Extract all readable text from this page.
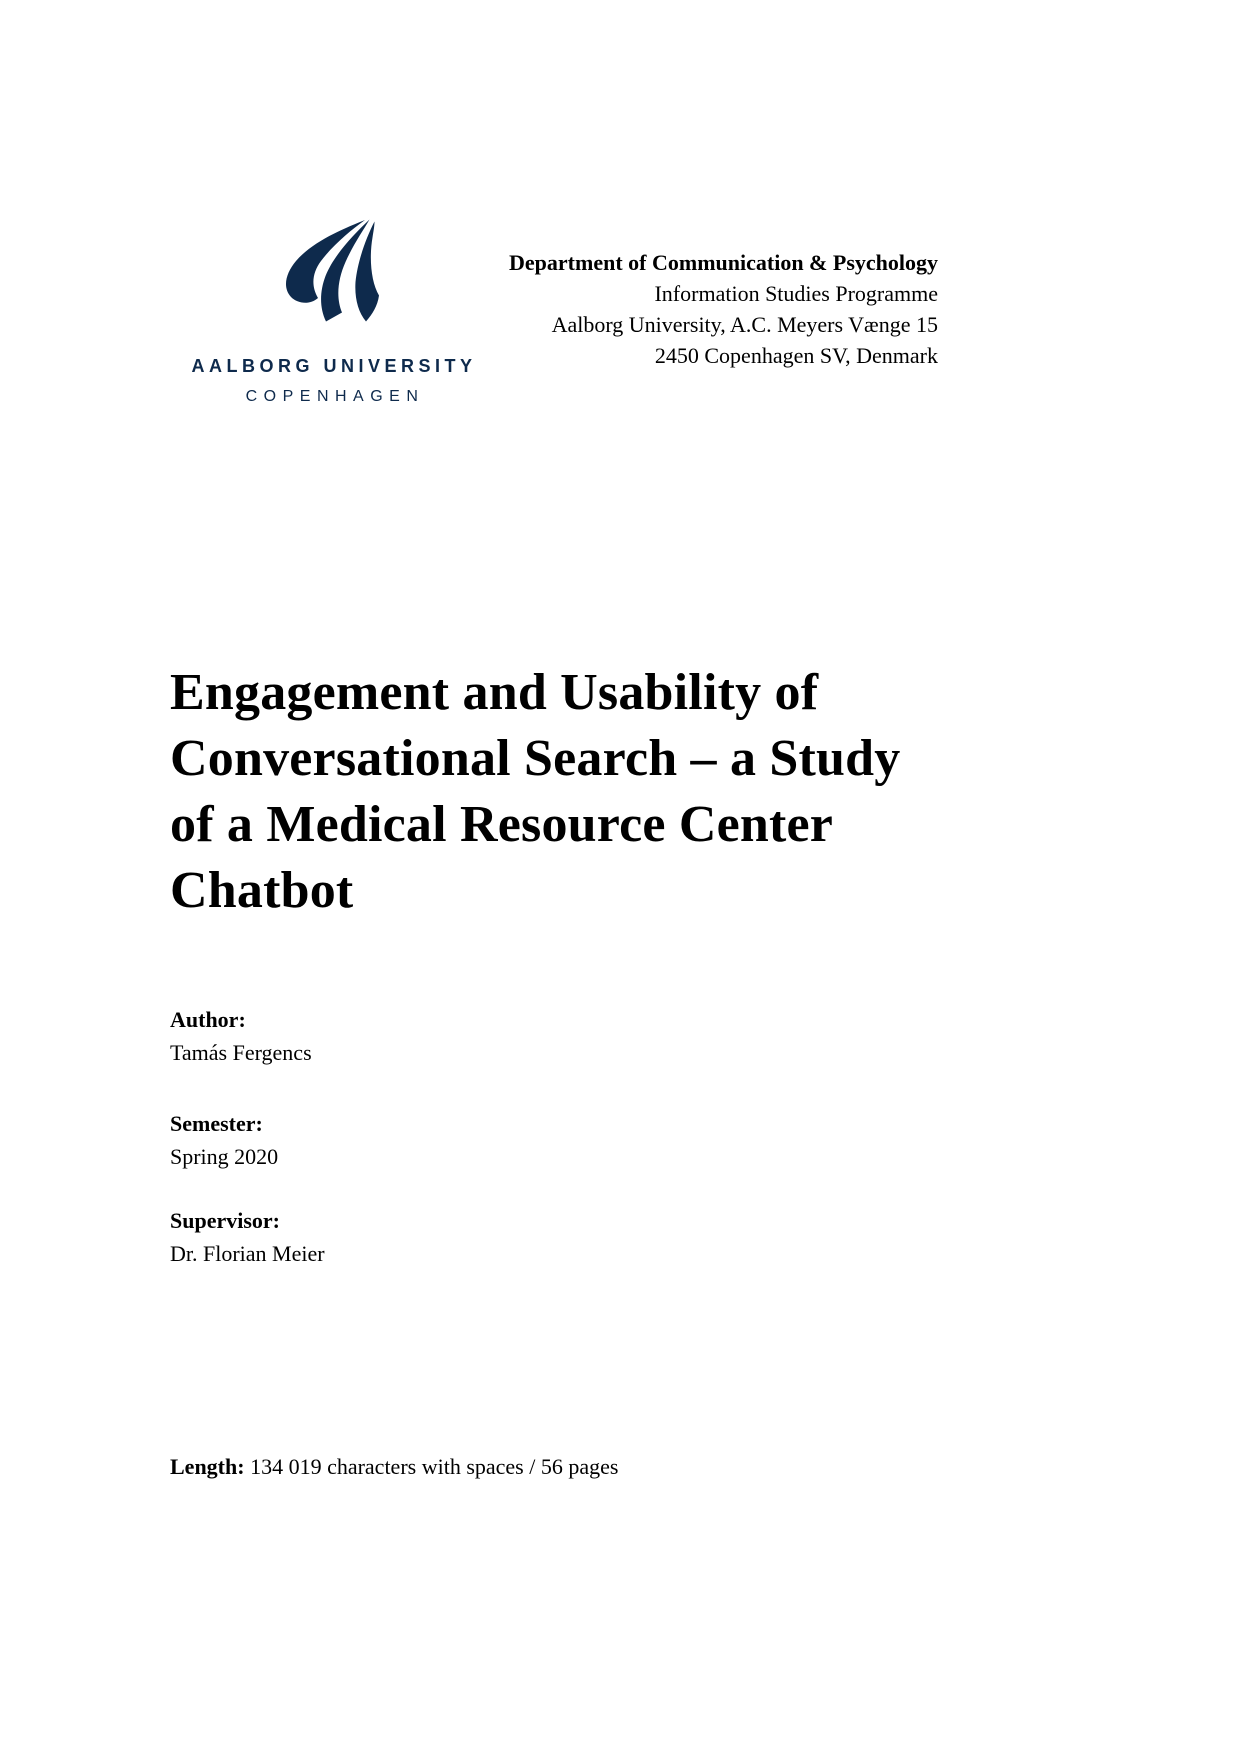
AALBORG UNIVERSITY
COPENHAGEN
Department of Communication & Psychology
Information Studies Programme
Aalborg University, A.C. Meyers Vænge 15
2450 Copenhagen SV, Denmark
Engagement and Usability of
Conversational Search – a Study
of a Medical Resource Center
Chatbot
Author:
Tamás Fergencs
Semester:
Spring 2020
Supervisor:
Dr. Florian Meier

Length: 134 019 characters with spaces / 56 pages
